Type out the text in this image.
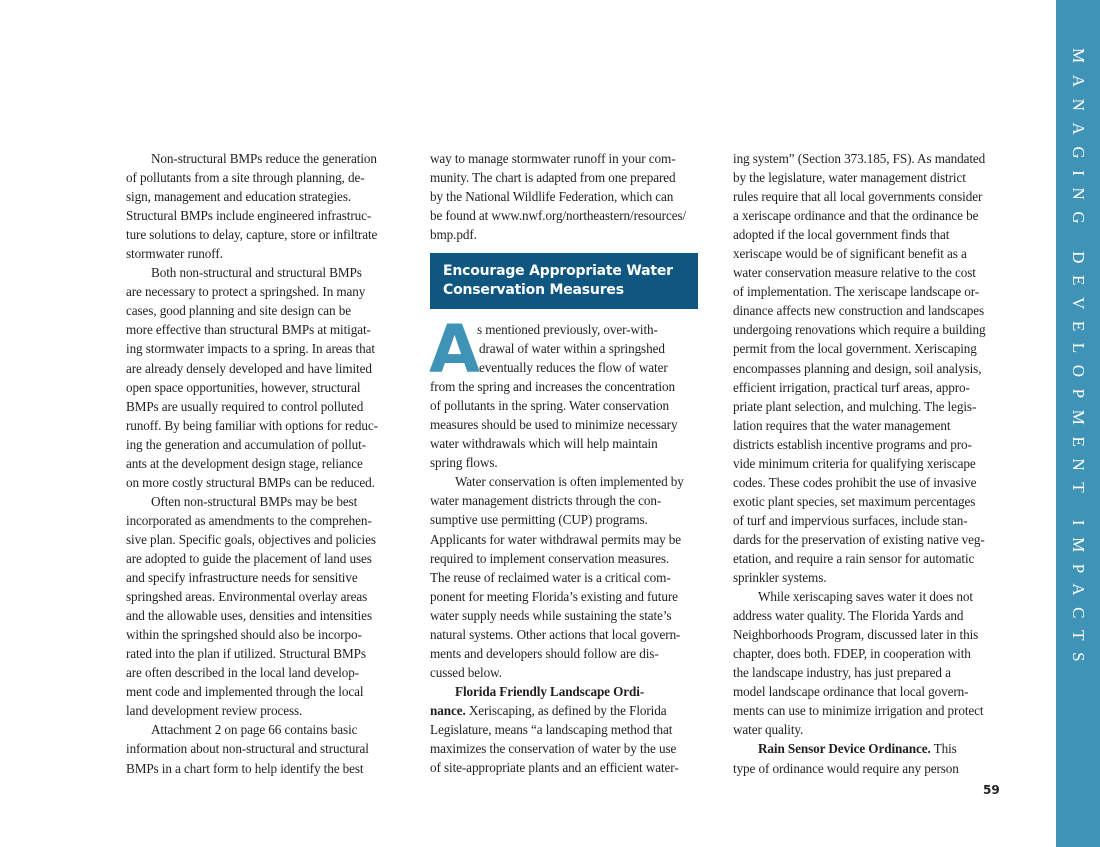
Non-structural BMPs reduce the generation
of pollutants from a site through planning, de-
sign, management and education strategies.
Structural BMPs include engineered infrastruc-
ture solutions to delay, capture, store or infiltrate
stormwater runoff.
Both non-structural and structural BMPs
are necessary to protect a springshed. In many
cases, good planning and site design can be
more effective than structural BMPs at mitigat-
ing stormwater impacts to a spring. In areas that
are already densely developed and have limited
open space opportunities, however, structural
BMPs are usually required to control polluted
runoff. By being familiar with options for reduc-
ing the generation and accumulation of pollut-
ants at the development design stage, reliance
on more costly structural BMPs can be reduced.
Often non-structural BMPs may be best
incorporated as amendments to the comprehen-
sive plan. Specific goals, objectives and policies
are adopted to guide the placement of land uses
and specify infrastructure needs for sensitive
springshed areas. Environmental overlay areas
and the allowable uses, densities and intensities
within the springshed should also be incorpo-
rated into the plan if utilized. Structural BMPs
are often described in the local land develop-
ment code and implemented through the local
land development review process.
Attachment 2 on page 66 contains basic
information about non-structural and structural
BMPs in a chart form to help identify the best
way to manage stormwater runoff in your com-
munity. The chart is adapted from one prepared
by the National Wildlife Federation, which can
be found at www.nwf.org/northeastern/resources/
bmp.pdf.
Encourage Appropriate Water
Conservation Measures
A
s mentioned previously, over-with-
drawal of water within a springshed
eventually reduces the flow of water
from the spring and increases the concentration
of pollutants in the spring. Water conservation
measures should be used to minimize necessary
water withdrawals which will help maintain
spring flows.
Water conservation is often implemented by
water management districts through the con-
sumptive use permitting (CUP) programs.
Applicants for water withdrawal permits may be
required to implement conservation measures.
The reuse of reclaimed water is a critical com-
ponent for meeting Florida’s existing and future
water supply needs while sustaining the state’s
natural systems. Other actions that local govern-
ments and developers should follow are dis-
cussed below.
Florida Friendly Landscape Ordi-
nance. Xeriscaping, as defined by the Florida
Legislature, means “a landscaping method that
maximizes the conservation of water by the use
of site-appropriate plants and an efficient water-
ing system” (Section 373.185, FS). As mandated
by the legislature, water management district
rules require that all local governments consider
a xeriscape ordinance and that the ordinance be
adopted if the local government finds that
xeriscape would be of significant benefit as a
water conservation measure relative to the cost
of implementation. The xeriscape landscape or-
dinance affects new construction and landscapes
undergoing renovations which require a building
permit from the local government. Xeriscaping
encompasses planning and design, soil analysis,
efficient irrigation, practical turf areas, appro-
priate plant selection, and mulching. The legis-
lation requires that the water management
districts establish incentive programs and pro-
vide minimum criteria for qualifying xeriscape
codes. These codes prohibit the use of invasive
exotic plant species, set maximum percentages
of turf and impervious surfaces, include stan-
dards for the preservation of existing native veg-
etation, and require a rain sensor for automatic
sprinkler systems.
While xeriscaping saves water it does not
address water quality. The Florida Yards and
Neighborhoods Program, discussed later in this
chapter, does both. FDEP, in cooperation with
the landscape industry, has just prepared a
model landscape ordinance that local govern-
ments can use to minimize irrigation and protect
water quality.
Rain Sensor Device Ordinance. This
type of ordinance would require any person
59
MANAGING DEVELOPMENT IMPACTS
